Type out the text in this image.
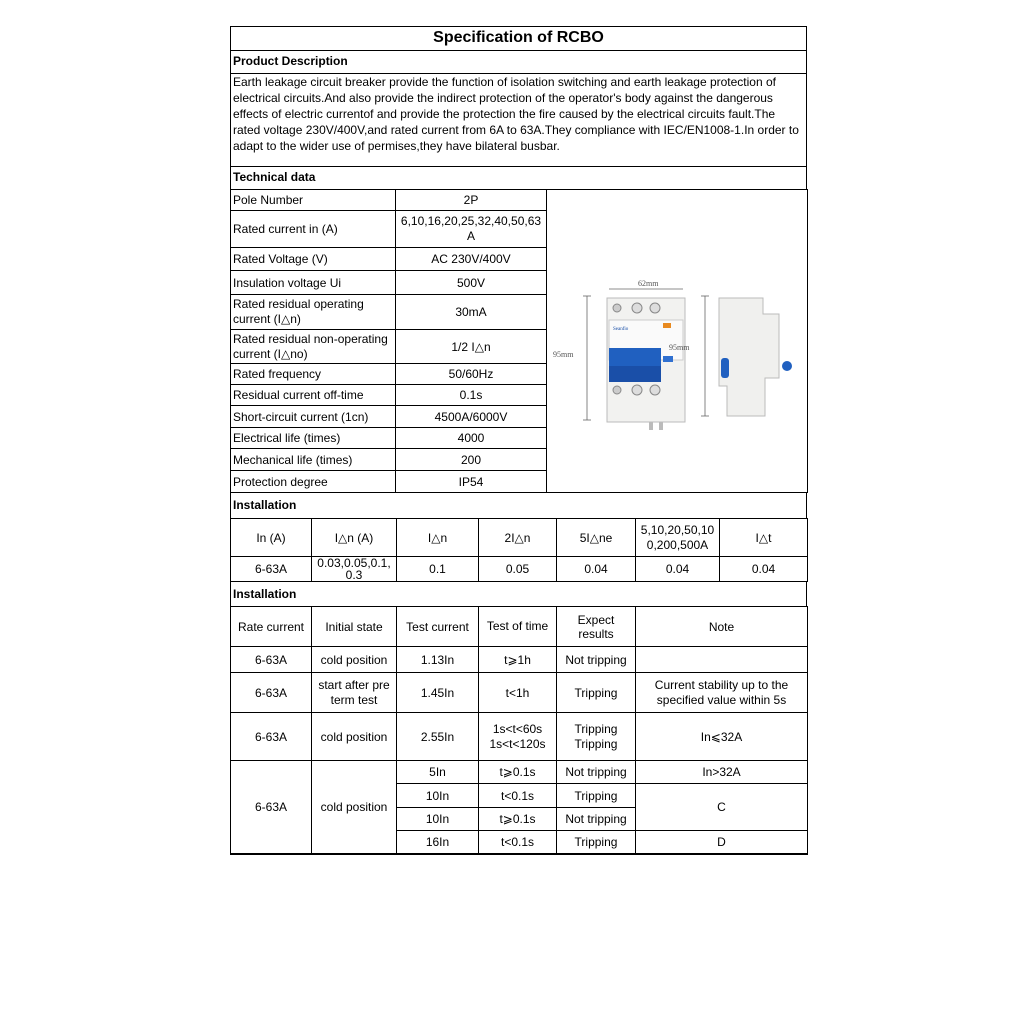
Specification of RCBO
Product Description
Earth leakage circuit breaker provide the function of isolation switching and earth leakage protection of electrical circuits.And also provide the indirect protection of the operator's body against the dangerous effects of electric currentof and provide the protection the fire caused by the electrical circuits fault.The rated voltage 230V/400V,and rated current from 6A to 63A.They compliance with IEC/EN1008-1.In order to adapt to the wider use of permises,they have bilateral busbar.
Technical data
Pole Number	2P	Seanfio
62mm
95mm
95mm

Rated current in (A)	6,10,16,20,25,32,40,50,63A	
Rated Voltage (V)	AC 230V/400V	
Insulation voltage Ui	500V	
Rated residual operating current (I△n)	30mA	
Rated residual non-operating current (I△no)	1/2 I△n	
Rated frequency	50/60Hz	
Residual current off-time	0.1s	
Short-circuit current (1cn)	4500A/6000V	
Electrical life (times)	4000	
Mechanical life (times)	200	
Protection degree	IP54	
Installation
In (A)	I△n (A)	I△n	2I△n	5I△ne	5,10,20,50,100,200,500A	I△t
6-63A	0.03,0.05,0.1,0.3	0.1	0.05	0.04	0.04	0.04
Installation
Rate current	Initial state	Test current	Test of time	Expect results	Note
6-63A	cold position	1.13In	t⩾1h	Not tripping	
6-63A	start after pre term test	1.45In	t<1h	Tripping	Current stability up to the specified value within 5s
6-63A	cold position	2.55In	1s<t<60s 1s<t<120s	Tripping Tripping	In⩽32A
6-63A	cold position	5In	t⩾0.1s	Not tripping	In>32A
		10In	t<0.1s	Tripping	C
		10In	t⩾0.1s	Not tripping	
		16In	t<0.1s	Tripping	D
